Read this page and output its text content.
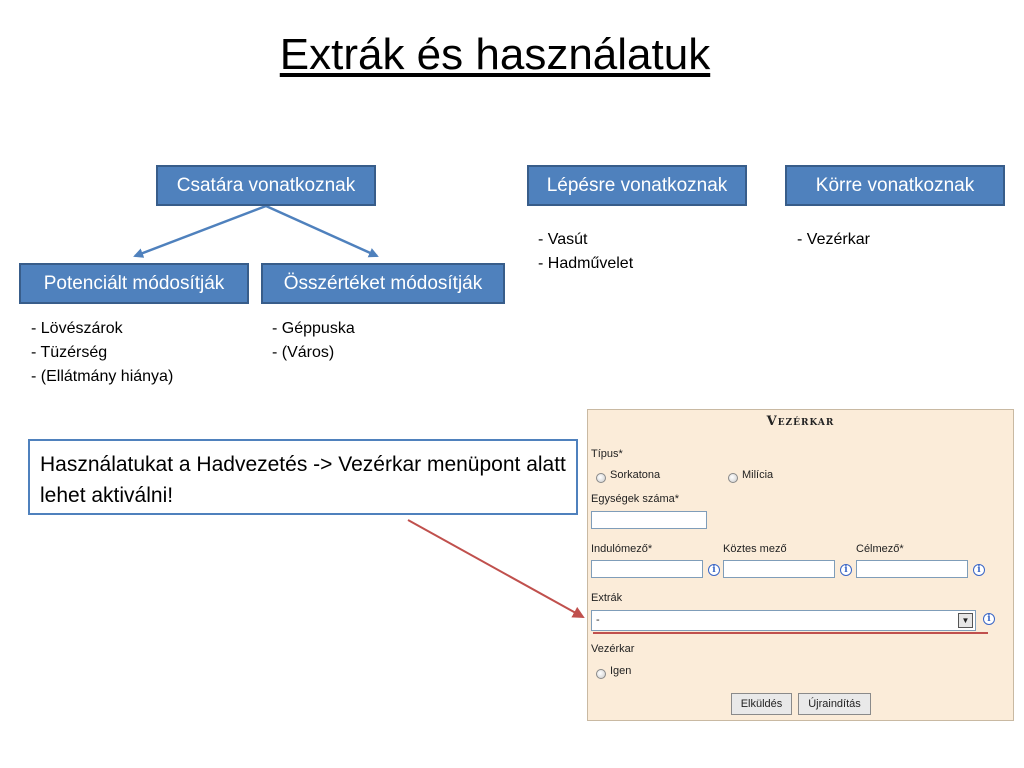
Extrák és használatuk
Csatára vonatkoznak	Lépésre vonatkoznak	Körre vonatkoznak
Potenciált módosítják	Összértéket módosítják
- Vasút
- Hadművelet
- Vezérkar
- Lövészárok
- Tüzérség
- (Ellátmány hiánya)
- Géppuska
- (Város)
Használatukat a Hadvezetés -> Vezérkar menüpont alatt lehet aktiválni!
Vezérkar
Típus*
Sorkatona	Milícia
Egységek száma*
Indulómező*	Köztes mező	Célmező*
i	i	i
Extrák
-	▼	i
Vezérkar
Igen
Elküldés	Újraindítás
